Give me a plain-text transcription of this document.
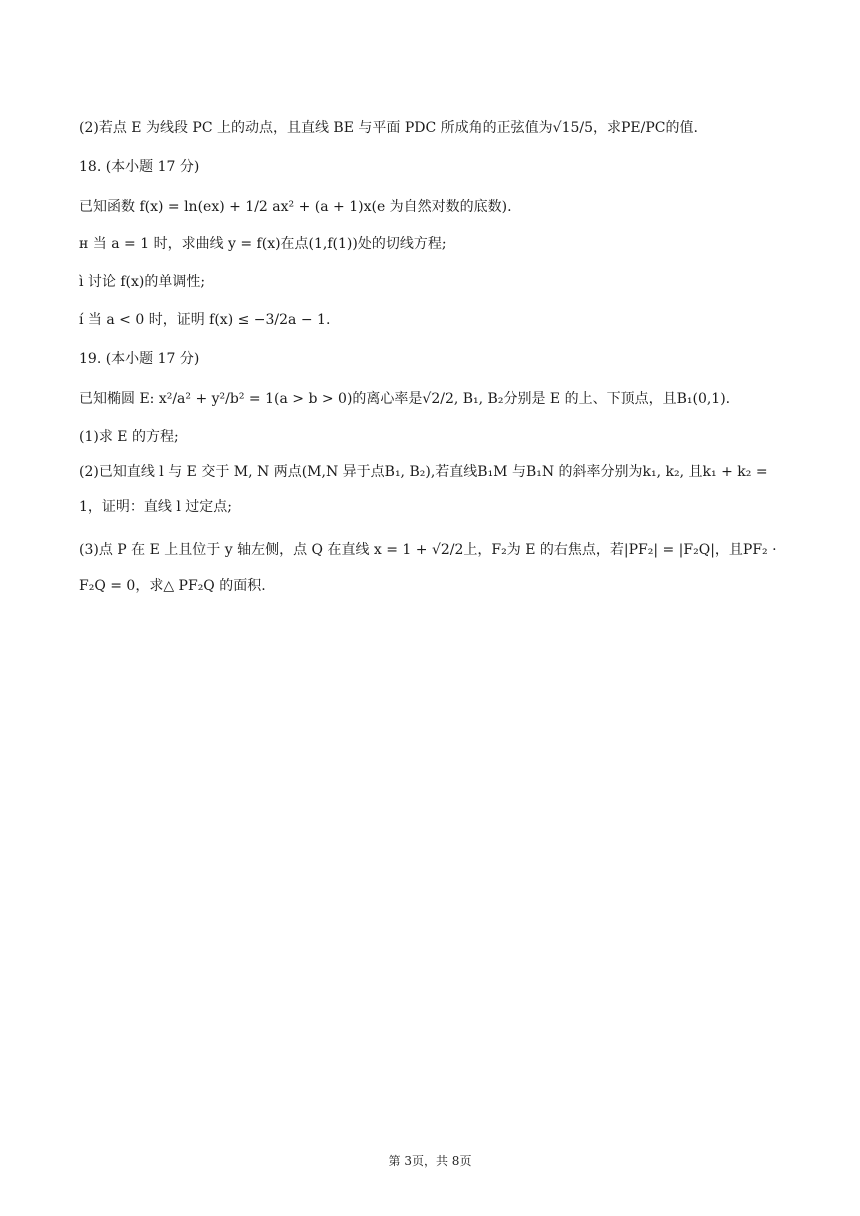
(2)若点 E 为线段 PC 上的动点，且直线 BE 与平面 PDC 所成角的正弦值为√15/5，求PE/PC的值.
18. (本小题 17 分)
已知函数 f(x) = ln(ex) + 1/2 ax² + (a + 1)x(e 为自然对数的底数).
н 当 a = 1 时，求曲线 y = f(x)在点(1,f(1))处的切线方程;
ì 讨论 f(x)的单调性;
í 当 a < 0 时，证明 f(x) ≤ −3/2a − 1.
19. (本小题 17 分)
已知椭圆 E: x²/a² + y²/b² = 1(a > b > 0)的离心率是√2/2, B₁, B₂分别是 E 的上、下顶点，且B₁(0,1).
(1)求 E 的方程;
(2)已知直线 l 与 E 交于 M, N 两点(M,N 异于点B₁, B₂),若直线B₁M 与B₁N 的斜率分别为k₁, k₂, 且k₁ + k₂ =
1，证明：直线 l 过定点;
(3)点 P 在 E 上且位于 y 轴左侧，点 Q 在直线 x = 1 + √2/2上，F₂为 E 的右焦点，若|PF₂| = |F₂Q|，且PF₂ ·
F₂Q = 0，求△ PF₂Q 的面积.
第 3页，共 8页
